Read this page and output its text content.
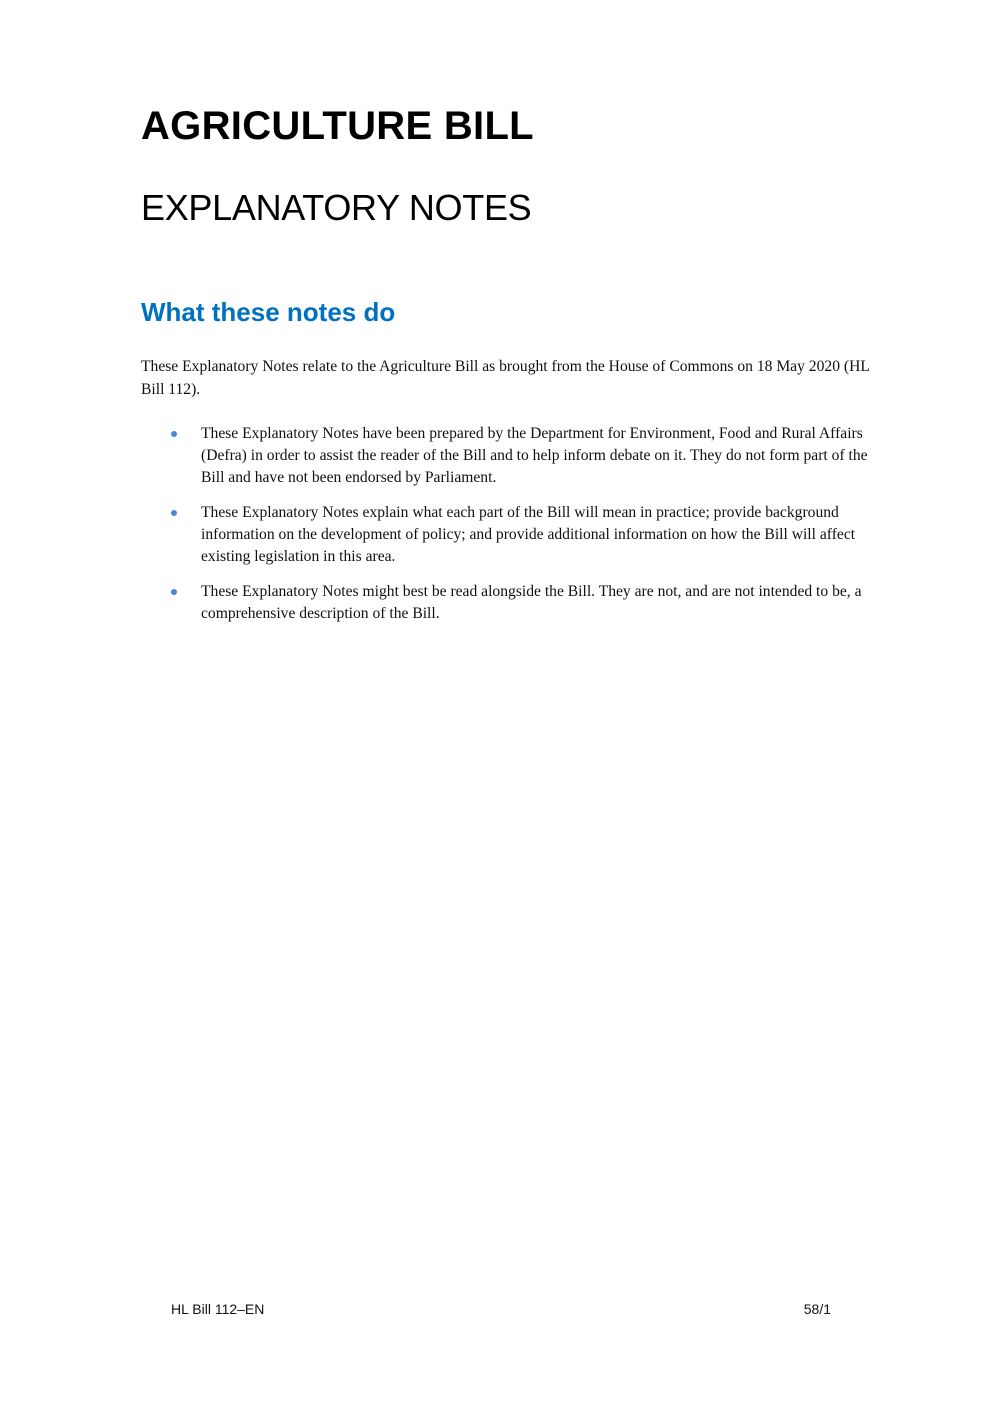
AGRICULTURE BILL
EXPLANATORY NOTES
What these notes do

These Explanatory Notes relate to the Agriculture Bill as brought from the House of Commons on 18 May 2020 (HL Bill 112).

These Explanatory Notes have been prepared by the Department for Environment, Food and Rural Affairs (Defra) in order to assist the reader of the Bill and to help inform debate on it. They do not form part of the Bill and have not been endorsed by Parliament.
These Explanatory Notes explain what each part of the Bill will mean in practice; provide background information on the development of policy; and provide additional information on how the Bill will affect existing legislation in this area.
These Explanatory Notes might best be read alongside the Bill. They are not, and are not intended to be, a comprehensive description of the Bill.
HL Bill 112–EN	58/1
